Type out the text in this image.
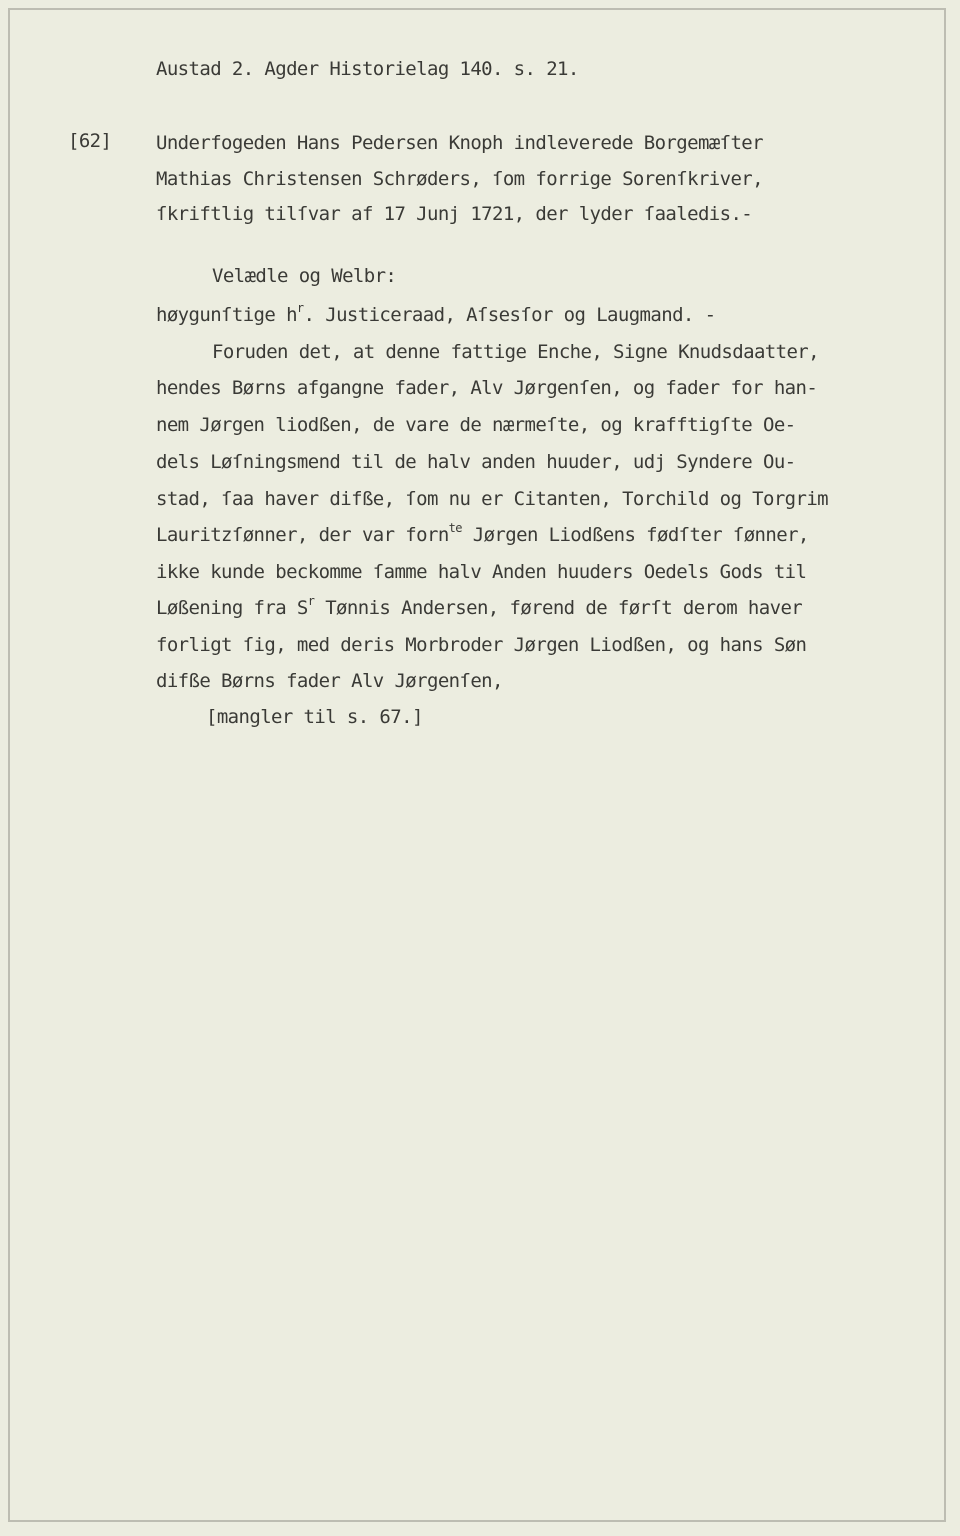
Austad 2. Agder Historielag 140. s. 21.
[62] Underfogeden Hans Pedersen Knoph indleverede Borgemæſter
Mathias Christensen Schrøders, ſom forrige Sorenſkriver,
ſkriftlig tilſvar af 17 Junj 1721, der lyder ſaaledis.-
Velædle og Welbr:
høygunſtige $h^r$. Justiceraad, Aſsesſor og Laugmand. -
Foruden det, at denne fattige Enche, Signe Knudsdaatter,
hendes Børns afgangne fader, Alv Jørgenſen, og fader for han-
nem Jørgen liodßen, de vare de nærmeſte, og krafftigſte Oe-
dels Løſningsmend til de halv anden huuder, udj Syndere Ou-
stad, ſaa haver difße, ſom nu er Citanten, Torchild og Torgrim
Lauritzſønner, der var forn$^{te}$ Jørgen Liodßens fødſter ſønner,
ikke kunde beckomme ſamme halv Anden huuders Oedels Gods til
Løßening fra $S^r$ Tønnis Andersen, førend de førſt derom haver
forligt ſig, med deris Morbroder Jørgen Liodßen, og hans Søn
difße Børns fader Alv Jørgenſen,
[mangler til s. 67.]
